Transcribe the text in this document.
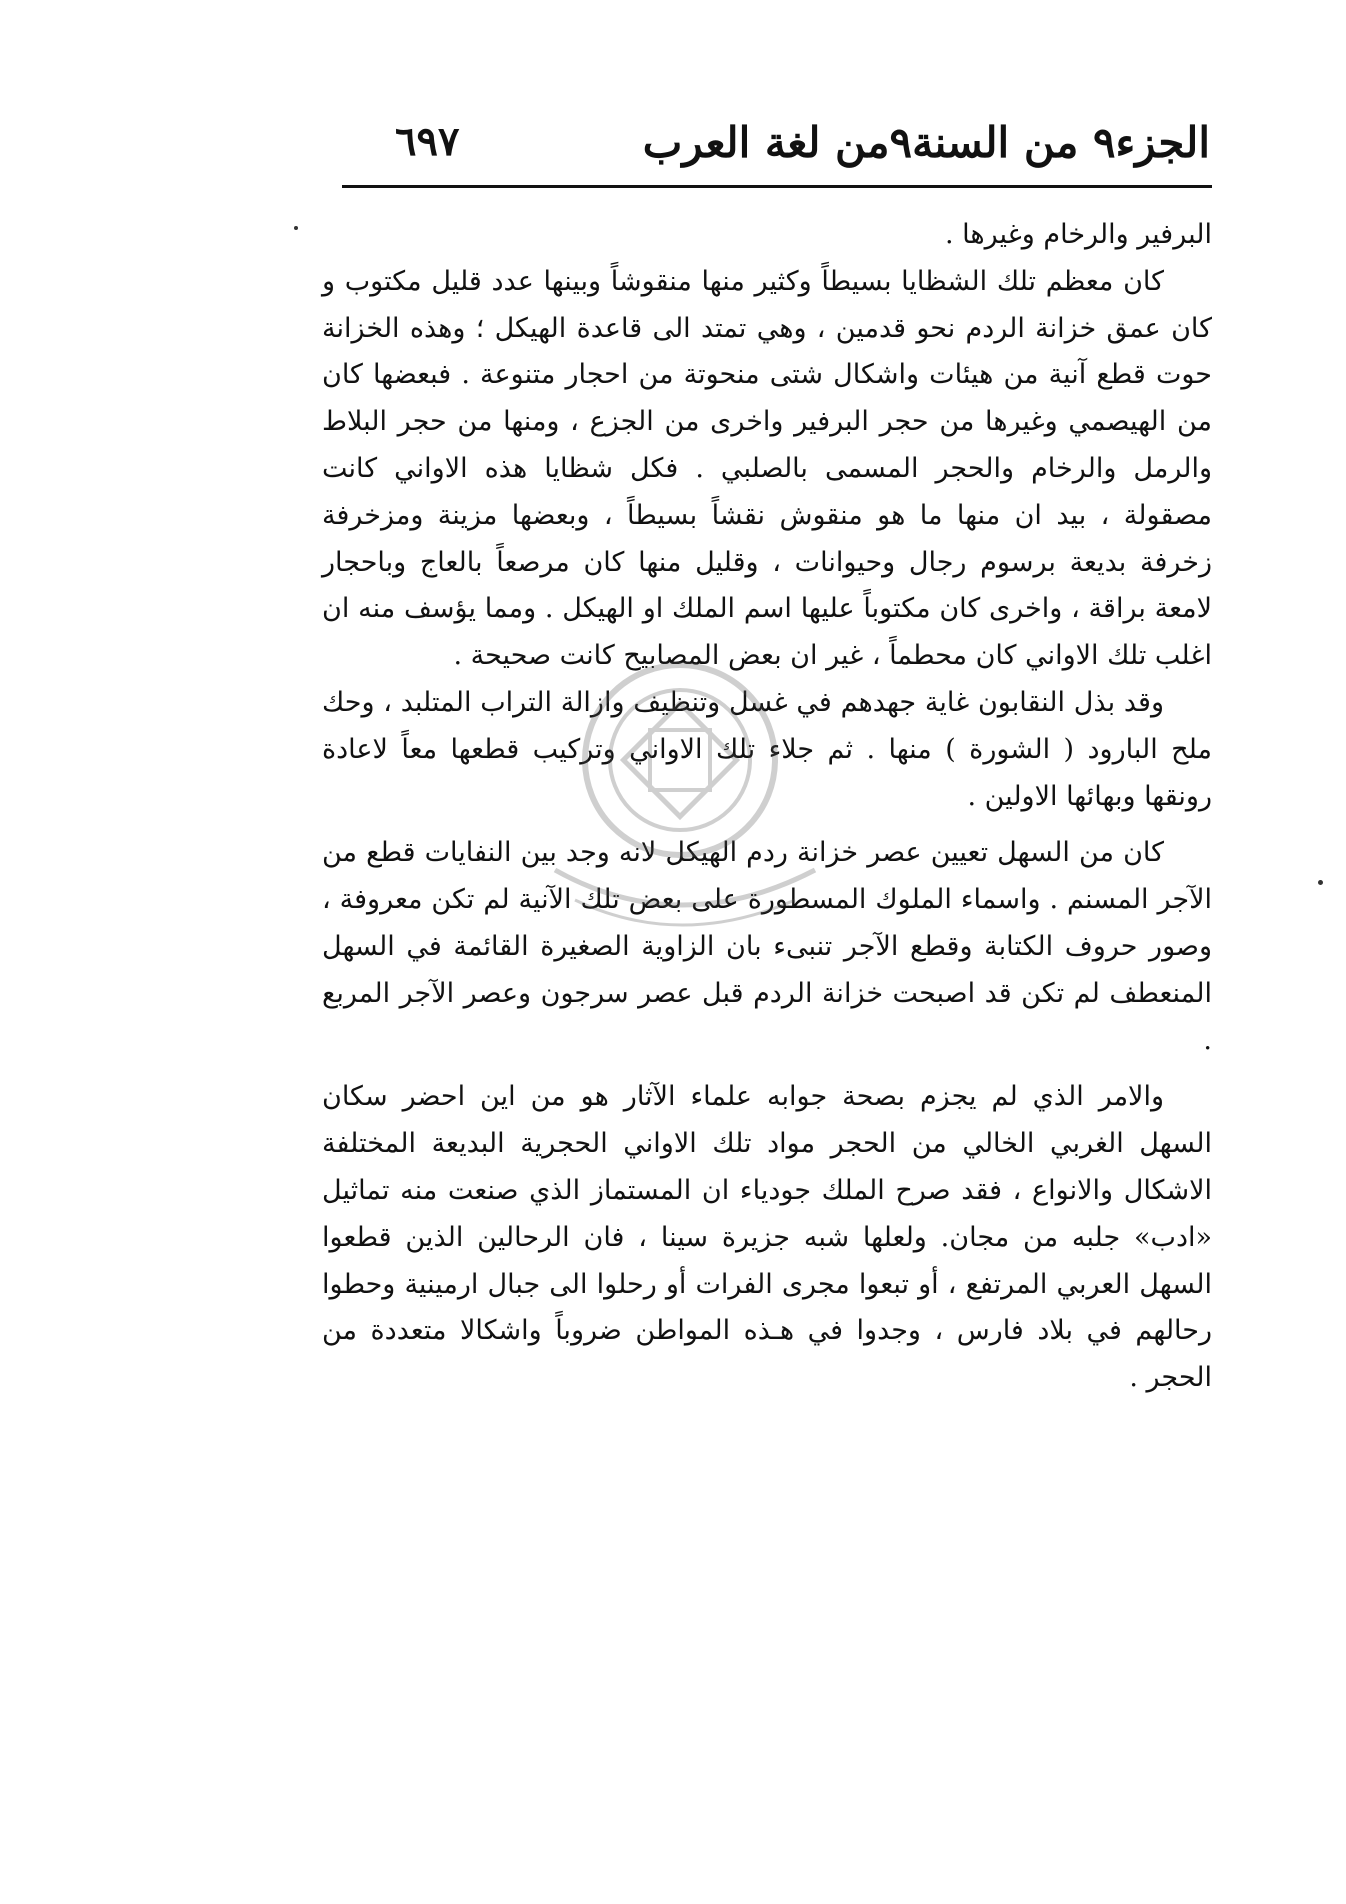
الجزء٩ من السنة٩من لغة العرب
٦٩٧

البرفير والرخام وغيرها .

كان معظم تلك الشظايا بسيطاً وكثير منها منقوشاً وبينها عدد قليل مكتوب و كان عمق خزانة الردم نحو قدمين ، وهي تمتد الى قاعدة الهيكل ؛ وهذه الخزانة حوت قطع آنية من هيئات واشكال شتى منحوتة من احجار متنوعة . فبعضها كان من الهيصمي وغيرها من حجر البرفير واخرى من الجزع ، ومنها من حجر البلاط والرمل والرخام والحجر المسمى بالصلبي . فكل شظايا هذه الاواني كانت مصقولة ، بيد ان منها ما هو منقوش نقشاً بسيطاً ، وبعضها مزينة ومزخرفة زخرفة بديعة برسوم رجال وحيوانات ، وقليل منها كان مرصعاً بالعاج وباحجار لامعة براقة ، واخرى كان مكتوباً عليها اسم الملك او الهيكل . ومما يؤسف منه ان اغلب تلك الاواني كان محطماً ، غير ان بعض المصابيح كانت صحيحة .

وقد بذل النقابون غاية جهدهم في غسل وتنظيف وازالة التراب المتلبد ، وحك ملح البارود ( الشورة ) منها . ثم جلاء تلك الاواني وتركيب قطعها معاً لاعادة رونقها وبهائها الاولين .

كان من السهل تعيين عصر خزانة ردم الهيكل لانه وجد بين النفايات قطع من الآجر المسنم . واسماء الملوك المسطورة على بعض تلك الآنية لم تكن معروفة ، وصور حروف الكتابة وقطع الآجر تنبىء بان الزاوية الصغيرة القائمة في السهل المنعطف لم تكن قد اصبحت خزانة الردم قبل عصر سرجون وعصر الآجر المربع .

والامر الذي لم يجزم بصحة جوابه علماء الآثار هو من اين احضر سكان السهل الغربي الخالي من الحجر مواد تلك الاواني الحجرية البديعة المختلفة الاشكال والانواع ، فقد صرح الملك جودياء ان المستماز الذي صنعت منه تماثيل «ادب» جلبه من مجان. ولعلها شبه جزيرة سينا ، فان الرحالين الذين قطعوا السهل العربي المرتفع ، أو تبعوا مجرى الفرات أو رحلوا الى جبال ارمينية وحطوا رحالهم في بلاد فارس ، وجدوا في هـذه المواطن ضروباً واشكالا متعددة من الحجر .
